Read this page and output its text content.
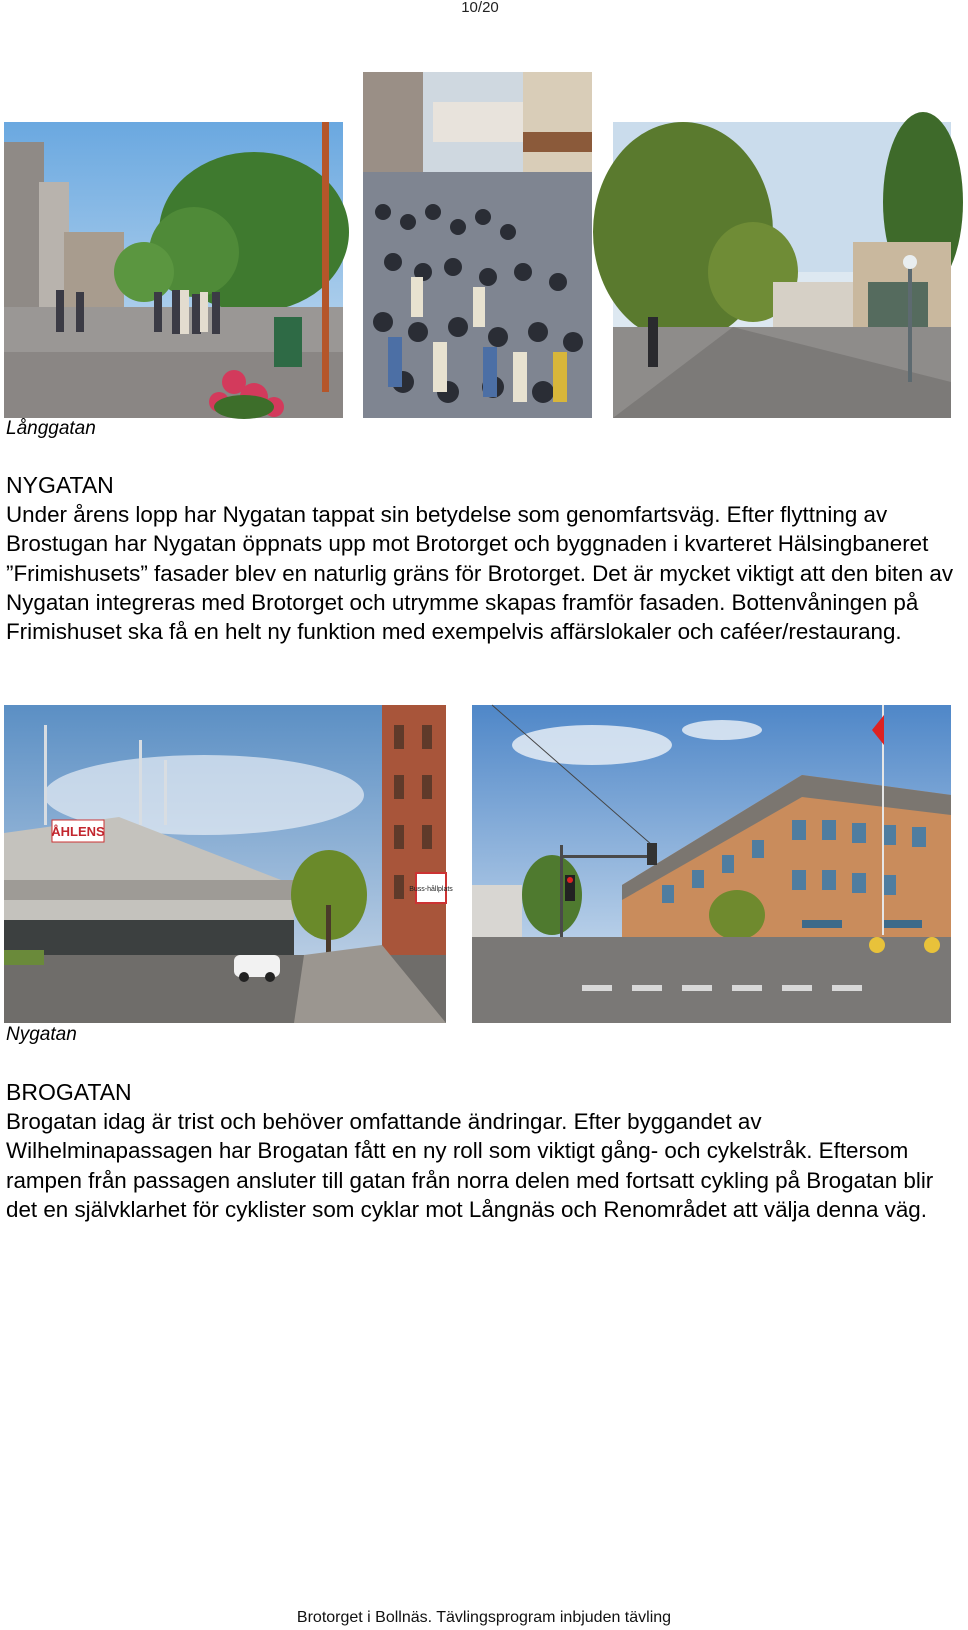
10/20
Långgatan
NYGATAN

Under årens lopp har Nygatan tappat sin betydelse som genomfartsväg. Efter flyttning av Brostugan har Nygatan öppnats upp mot Brotorget och byggnaden i kvarteret Hälsingbaneret ”Frimishusets” fasader blev en naturlig gräns för Brotorget. Det är mycket viktigt att den biten av Nygatan integreras med Brotorget och utrymme skapas framför fasaden. Bottenvåningen på Frimishuset ska få en helt ny funktion med exempelvis affärslokaler och caféer/restaurang.

ÅHLENS
Buss-hållplats
Nygatan
BROGATAN

Brogatan idag är trist och behöver omfattande ändringar. Efter byggandet av Wilhelminapassagen har Brogatan fått en ny roll som viktigt gång- och cykelstråk. Eftersom rampen från passagen ansluter till gatan från norra delen med fortsatt cykling på Brogatan blir det en självklarhet för cyklister som cyklar mot Långnäs och Renområdet att välja denna väg.

Brotorget i Bollnäs. Tävlingsprogram inbjuden tävling
